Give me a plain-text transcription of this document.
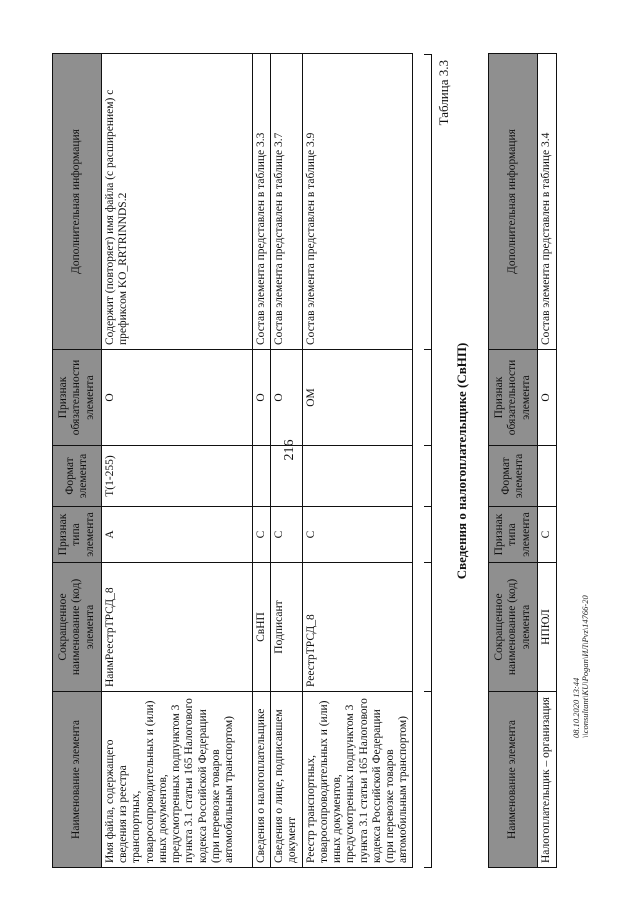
216
Наименование элемента	Сокращенное наименование (код) элемента	Признак типа элемента	Формат элемента	Признак обязательности элемента	Дополнительная информация
Имя файла, содержащего сведения из реестра транспортных, товаросопроводительных и (или) иных документов, предусмотренных подпунктом 3 пункта 3.1 статьи 165 Налогового кодекса Российской Федерации (при перевозке товаров автомобильным транспортом)	НаимРеестрТРСД_8	А	T(1-255)	О	Содержит (повторяет) имя файла (с расширением) с префиксом KO_RRTRINNDS.2
Сведения о налогоплательщике	СвНП	С		О	Состав элемента представлен в таблице 3.3
Сведения о лице, подписавшем документ	Подписант	С		О	Состав элемента представлен в таблице 3.7
Реестр транспортных, товаросопроводительных и (или) иных документов, предусмотренных подпунктом 3 пункта 3.1 статьи 165 Налогового кодекса Российской Федерации (при перевозке товаров автомобильным транспортом)	РеестрТРСД_8	С		ОМ	Состав элемента представлен в таблице 3.9
Таблица 3.3
Сведения о налогоплательщике (СвНП)
Наименование элемента	Сокращенное наименование (код) элемента	Признак типа элемента	Формат элемента	Признак обязательности элемента	Дополнительная информация
Налогоплательщик – организация	НПЮЛ	С		О	Состав элемента представлен в таблице 3.4
08.10.2020 13:44 \\consultant\KU\Pogan\ИЛ\Pvz\14766-20
